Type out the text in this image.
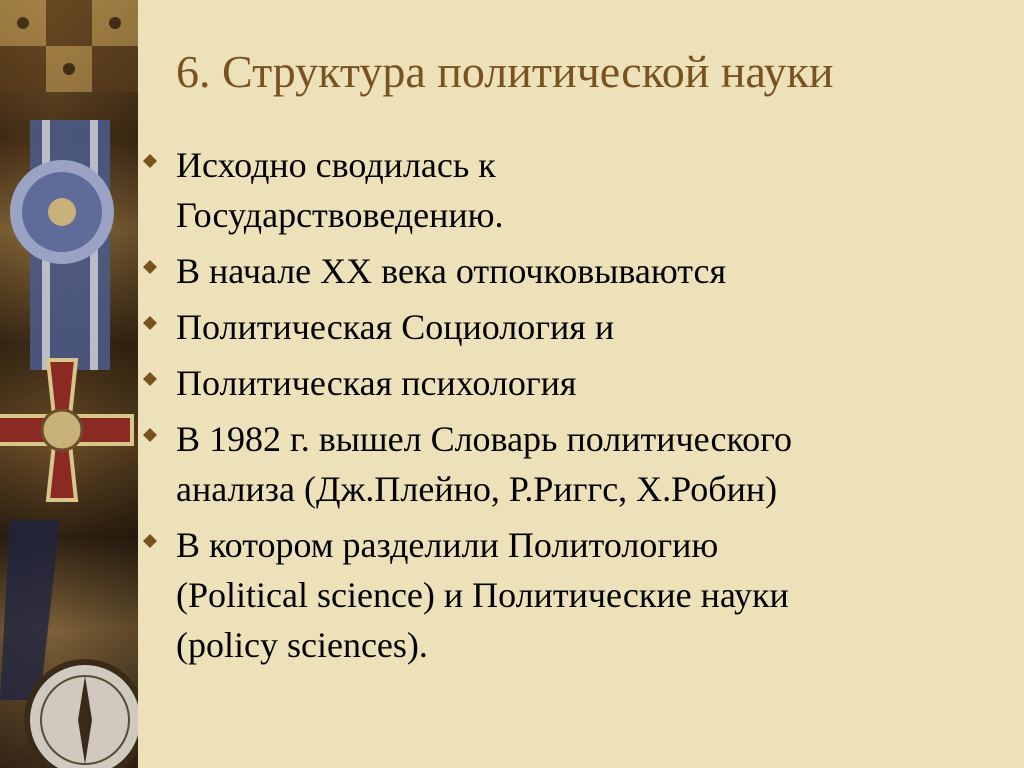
6. Структура политической науки
Исходно сводилась к
Государствоведению.
В начале XX века отпочковываются
Политическая Социология и
Политическая психология
В 1982 г. вышел Словарь политического
анализа (Дж.Плейно, Р.Риггс, Х.Робин)
В котором разделили Политологию
(Political science) и Политические науки
(policy sciences).
